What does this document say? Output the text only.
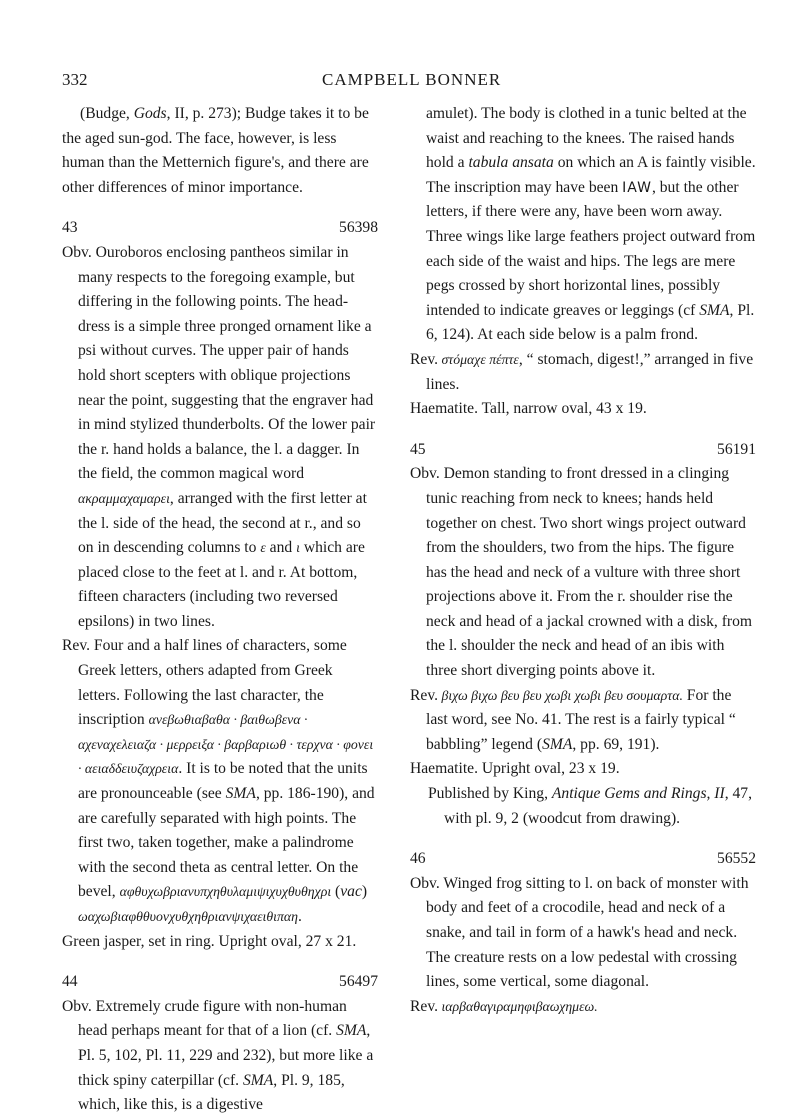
332	CAMPBELL BONNER

(Budge, Gods, II, p. 273); Budge takes it to be the aged sun-god. The face, however, is less human than the Metternich figure's, and there are other differences of minor importance.

43	56398

Obv. Ouroboros enclosing pantheos similar in many respects to the foregoing example, but differing in the following points. The head-dress is a simple three pronged ornament like a psi without curves. The upper pair of hands hold short scepters with oblique projections near the point, suggesting that the engraver had in mind stylized thunderbolts. Of the lower pair the r. hand holds a balance, the l. a dagger. In the field, the common magical word ακραμμαχαμαρει, arranged with the first letter at the l. side of the head, the second at r., and so on in descending columns to ε and ι which are placed close to the feet at l. and r. At bottom, fifteen characters (including two reversed epsilons) in two lines.

Rev. Four and a half lines of characters, some Greek letters, others adapted from Greek letters. Following the last character, the inscription ανεβωθιαβαθα · βαιθωβενα · αχεναχελειαζα · μερρειξα · βαρβαριωθ · τερχνα · φονει · αειαδδειυζαχρεια. It is to be noted that the units are pronounceable (see SMA, pp. 186-190), and are carefully separated with high points. The first two, taken together, make a palindrome with the second theta as central letter. On the bevel, αφθυχωβριανυπχηθυλαμιψιχυχθυθηχρι (vac) ωαχωβιαφθθυονχυθχηθριανψιχαειθιπαη.

Green jasper, set in ring. Upright oval, 27 x 21.

44	56497

Obv. Extremely crude figure with non-human head perhaps meant for that of a lion (cf. SMA, Pl. 5, 102, Pl. 11, 229 and 232), but more like a thick spiny caterpillar (cf. SMA, Pl. 9, 185, which, like this, is a digestive

amulet). The body is clothed in a tunic belted at the waist and reaching to the knees. The raised hands hold a tabula ansata on which an A is faintly visible. The inscription may have been IAW, but the other letters, if there were any, have been worn away. Three wings like large feathers project outward from each side of the waist and hips. The legs are mere pegs crossed by short horizontal lines, possibly intended to indicate greaves or leggings (cf SMA, Pl. 6, 124). At each side below is a palm frond.

Rev. στόμαχε πέπτε, “ stomach, digest!,” arranged in five lines.

Haematite. Tall, narrow oval, 43 x 19.

45	56191

Obv. Demon standing to front dressed in a clinging tunic reaching from neck to knees; hands held together on chest. Two short wings project outward from the shoulders, two from the hips. The figure has the head and neck of a vulture with three short projections above it. From the r. shoulder rise the neck and head of a jackal crowned with a disk, from the l. shoulder the neck and head of an ibis with three short diverging points above it.

Rev. βιχω βιχω βευ βευ χωβι χωβι βευ σουμαρτα. For the last word, see No. 41. The rest is a fairly typical “ babbling” legend (SMA, pp. 69, 191).

Haematite. Upright oval, 23 x 19.

Published by King, Antique Gems and Rings, II, 47, with pl. 9, 2 (woodcut from drawing).

46	56552

Obv. Winged frog sitting to l. on back of monster with body and feet of a crocodile, head and neck of a snake, and tail in form of a hawk's head and neck. The creature rests on a low pedestal with crossing lines, some vertical, some diagonal.

Rev. ιαρβαθαγιραμηφιβαωχημεω.
